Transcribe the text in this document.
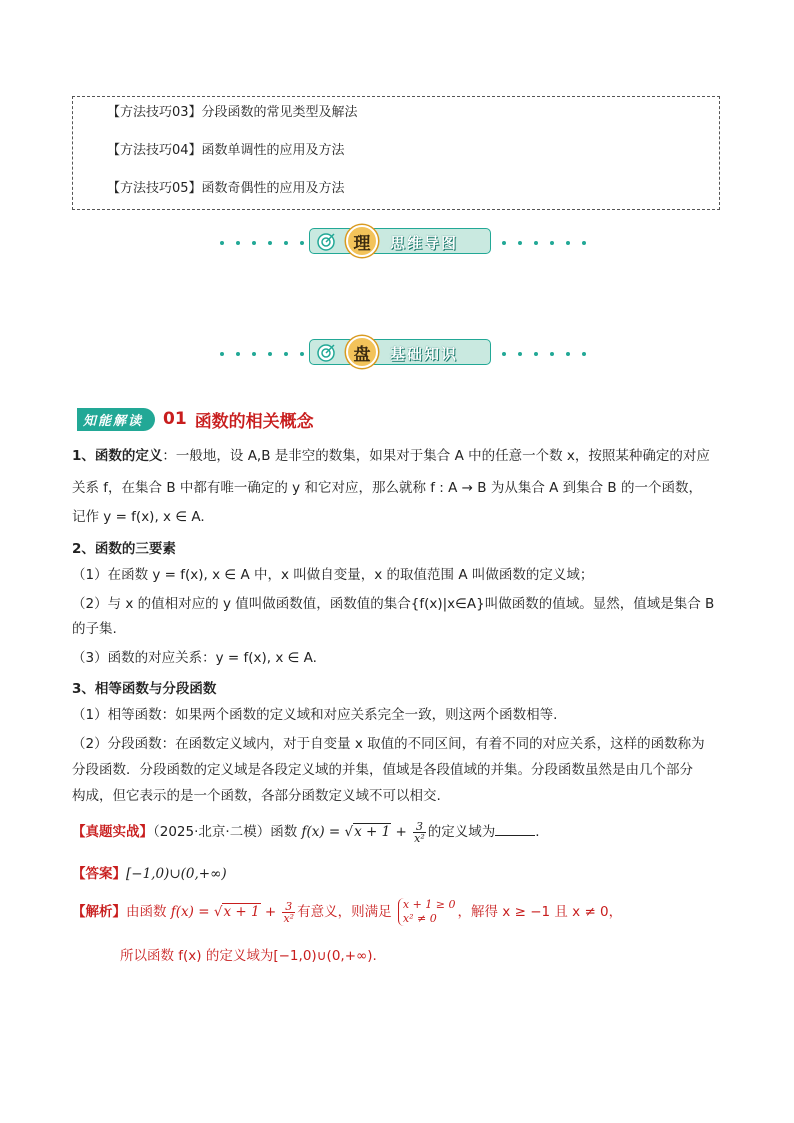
【方法技巧03】分段函数的常见类型及解法
【方法技巧04】函数单调性的应用及方法
【方法技巧05】函数奇偶性的应用及方法
理	思维导图
盘	基础知识
知能解读	01 函数的相关概念
1、函数的定义：一般地，设 A,B 是非空的数集，如果对于集合 A 中的任意一个数 x，按照某种确定的对应
关系 f，在集合 B 中都有唯一确定的 y 和它对应，那么就称 f : A → B 为从集合 A 到集合 B 的一个函数，
记作 y = f(x), x ∈ A.
2、函数的三要素
（1）在函数 y = f(x), x ∈ A 中，x 叫做自变量，x 的取值范围 A 叫做函数的定义域；
（2）与 x 的值相对应的 y 值叫做函数值，函数值的集合{f(x)|x∈A}叫做函数的值域。显然，值域是集合 B
的子集.
（3）函数的对应关系：y = f(x), x ∈ A.
3、相等函数与分段函数
（1）相等函数：如果两个函数的定义域和对应关系完全一致，则这两个函数相等.
（2）分段函数：在函数定义域内，对于自变量 x 取值的不同区间，有着不同的对应关系，这样的函数称为
分段函数．分段函数的定义域是各段定义域的并集，值域是各段值域的并集。分段函数虽然是由几个部分
构成，但它表示的是一个函数，各部分函数定义域不可以相交.
【真题实战】（2025·北京·二模）函数 $f(x) = √x + 1 + \frac{3}{\text{x²}}$ 的定义域为	.
【答案】[−1,0)∪(0,+∞)
【解析】由函数 $f(x) = √x + 1 + \frac{3}{\text{x²}}$ 有意义，则满足 x + 1 ≥ 0
x² ≠ 0	，解得 x ≥ −1 且 x ≠ 0，
所以函数 f(x) 的定义域为[−1,0)∪(0,+∞).
